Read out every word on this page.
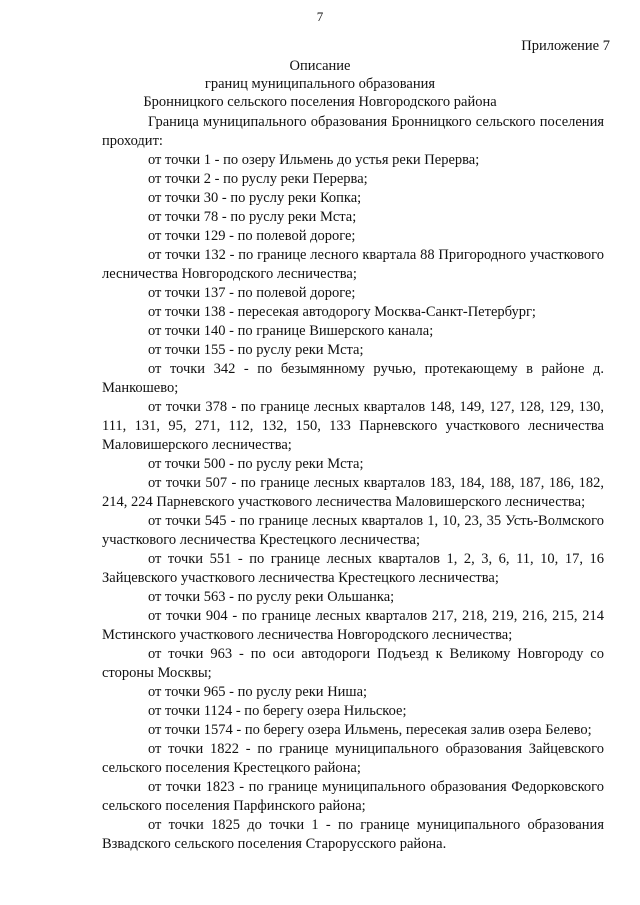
7
Приложение 7
Описание
границ муниципального образования
Бронницкого сельского поселения Новгородского района

Граница муниципального образования Бронницкого сельского поселения проходит:

от точки 1 - по озеру Ильмень до устья реки Перерва;

от точки 2 - по руслу реки Перерва;

от точки 30 - по руслу реки Копка;

от точки 78 - по руслу реки Мста;

от точки 129 - по полевой дороге;

от точки 132 - по границе лесного квартала 88 Пригородного участкового лесничества Новгородского лесничества;

от точки 137 - по полевой дороге;

от точки 138 - пересекая автодорогу Москва-Санкт-Петербург;

от точки 140 - по границе Вишерского канала;

от точки 155 - по руслу реки Мста;

от точки 342 - по безымянному ручью, протекающему в районе д. Манкошево;

от точки 378 - по границе лесных кварталов 148, 149, 127, 128, 129, 130, 111, 131, 95, 271, 112, 132, 150, 133 Парневского участкового лесничества Маловишерского лесничества;

от точки 500 - по руслу реки Мста;

от точки 507 - по границе лесных кварталов 183, 184, 188, 187, 186, 182, 214, 224 Парневского участкового лесничества Маловишерского лесничества;

от точки 545 - по границе лесных кварталов 1, 10, 23, 35 Усть-Волмского участкового лесничества Крестецкого лесничества;

от точки 551 - по границе лесных кварталов 1, 2, 3, 6, 11, 10, 17, 16 Зайцевского участкового лесничества Крестецкого лесничества;

от точки 563 - по руслу реки Ольшанка;

от точки 904 - по границе лесных кварталов 217, 218, 219, 216, 215, 214 Мстинского участкового лесничества Новгородского лесничества;

от точки 963 - по оси автодороги Подъезд к Великому Новгороду со стороны Москвы;

от точки 965 - по руслу реки Ниша;

от точки 1124 - по берегу озера Нильское;

от точки 1574 - по берегу озера Ильмень, пересекая залив озера Белево;

от точки 1822 - по границе муниципального образования Зайцевского сельского поселения Крестецкого района;

от точки 1823 - по границе муниципального образования Федорковского сельского поселения Парфинского района;

от точки 1825 до точки 1 - по границе муниципального образования Взвадского сельского поселения Старорусского района.
